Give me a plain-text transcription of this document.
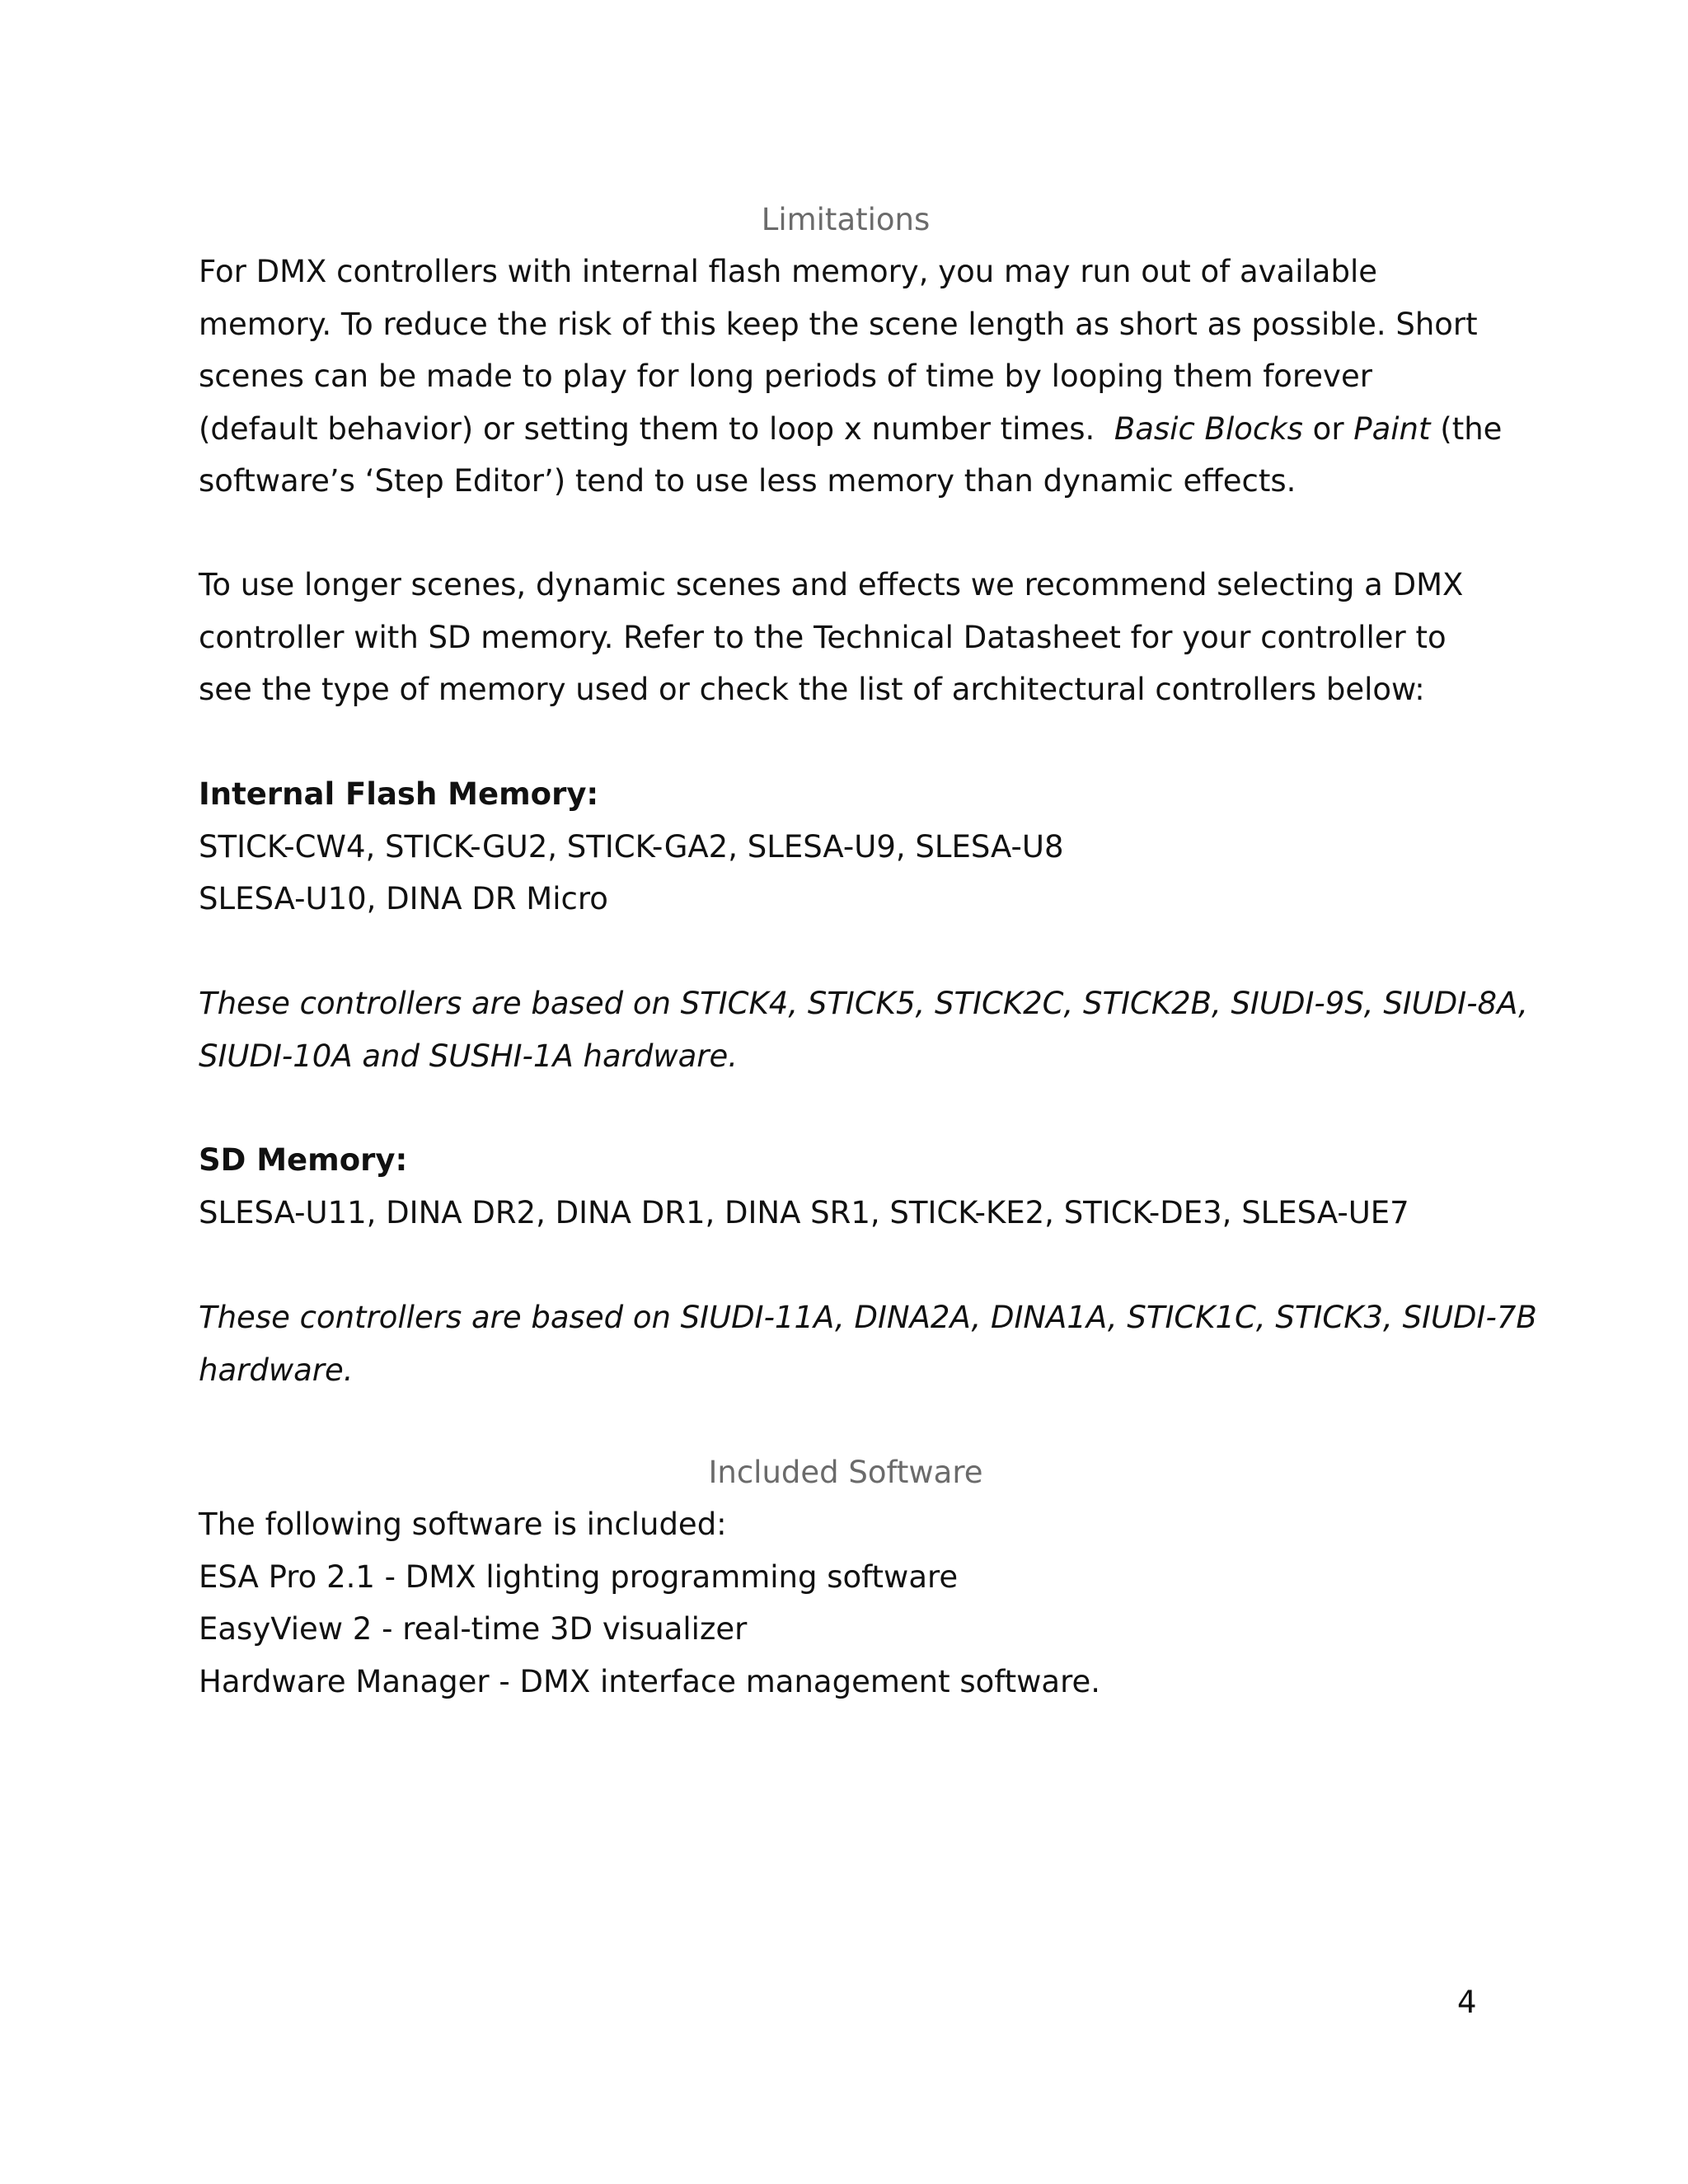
Limitations
For DMX controllers with internal flash memory, you may run out of available
memory. To reduce the risk of this keep the scene length as short as possible. Short
scenes can be made to play for long periods of time by looping them forever
(default behavior) or setting them to loop x number times.  Basic Blocks or Paint (the
software’s ‘Step Editor’) tend to use less memory than dynamic effects.
To use longer scenes, dynamic scenes and effects we recommend selecting a DMX
controller with SD memory. Refer to the Technical Datasheet for your controller to
see the type of memory used or check the list of architectural controllers below:
Internal Flash Memory:
STICK-CW4, STICK-GU2, STICK-GA2, SLESA-U9, SLESA-U8
SLESA-U10, DINA DR Micro
These controllers are based on STICK4, STICK5, STICK2C, STICK2B, SIUDI-9S, SIUDI-8A,
SIUDI-10A and SUSHI-1A hardware.
SD Memory:
SLESA-U11, DINA DR2, DINA DR1, DINA SR1, STICK-KE2, STICK-DE3, SLESA-UE7
These controllers are based on SIUDI-11A, DINA2A, DINA1A, STICK1C, STICK3, SIUDI-7B
hardware.
Included Software
The following software is included:
ESA Pro 2.1 - DMX lighting programming software
EasyView 2 - real-time 3D visualizer
Hardware Manager - DMX interface management software.
4
